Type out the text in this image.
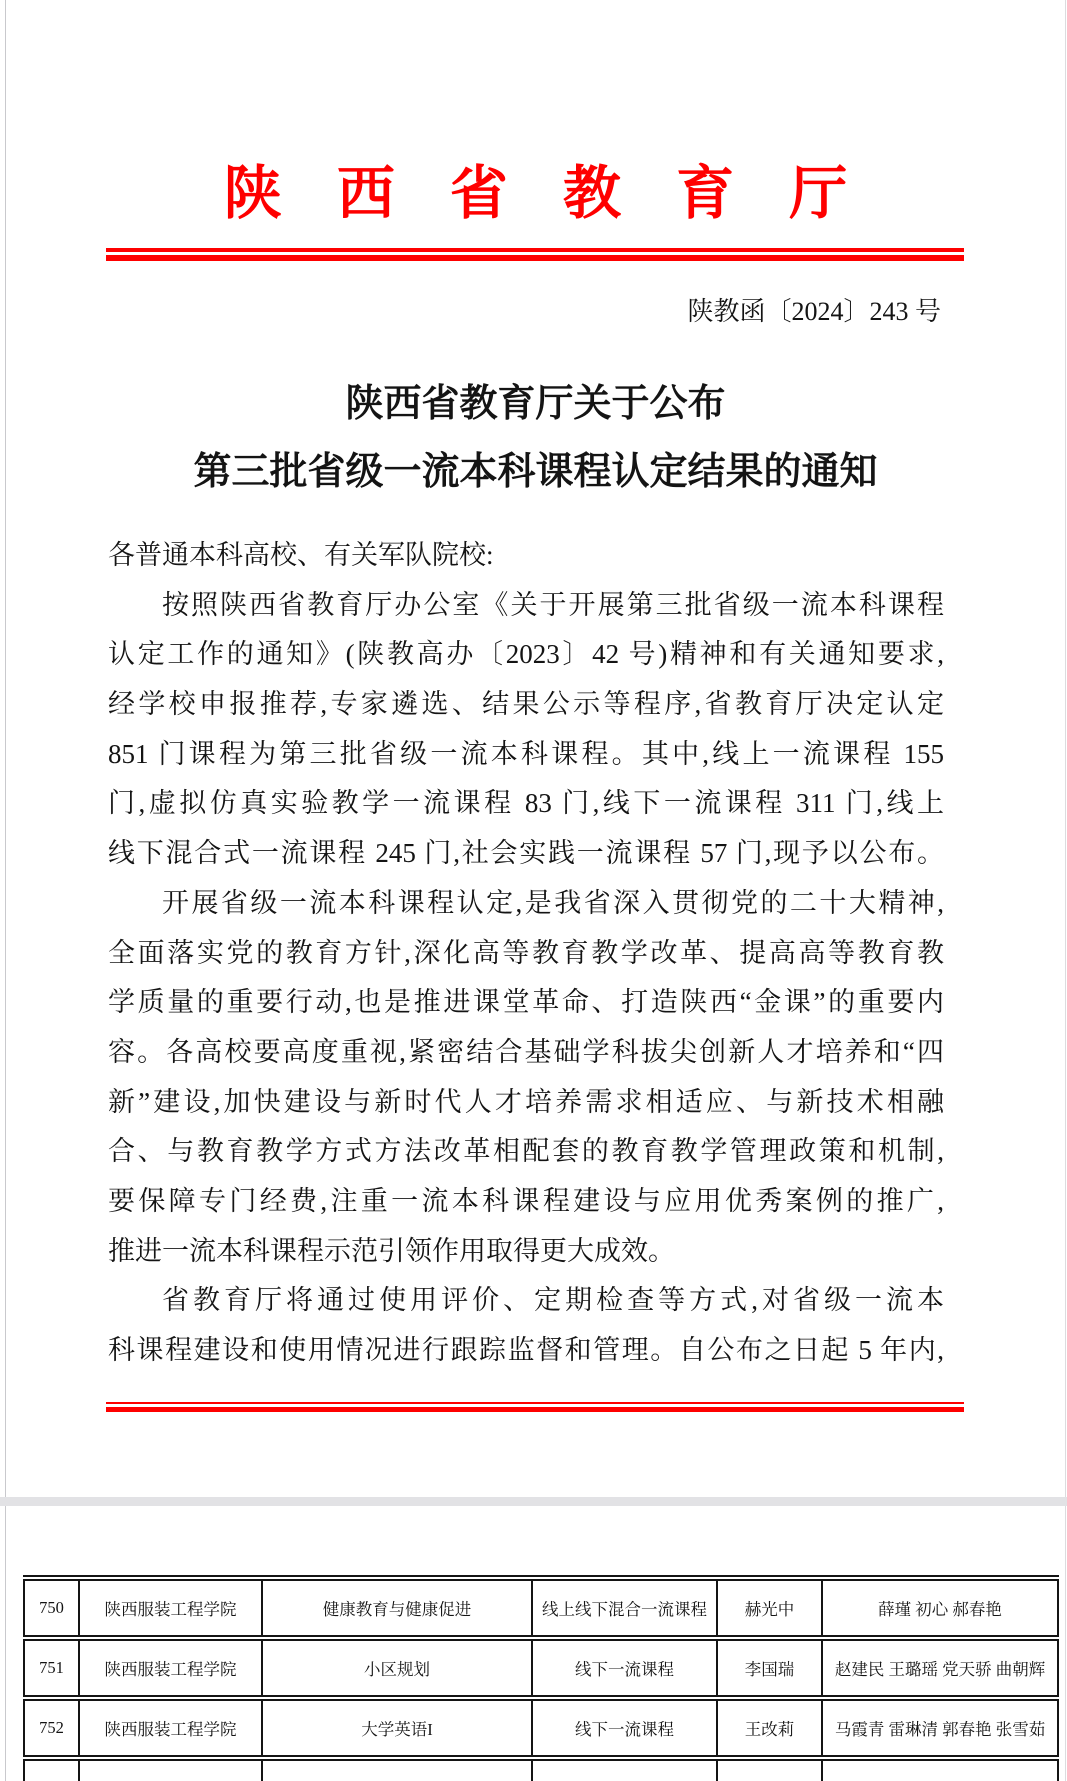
陕西省教育厅
陕教函〔2024〕243 号
陕西省教育厅关于公布
第三批省级一流本科课程认定结果的通知
各普通本科高校、有关军队院校:
按照陕西省教育厅办公室《关于开展第三批省级一流本科课程
认定工作的通知》(陕教高办〔2023〕42 号)精神和有关通知要求,
经学校申报推荐,专家遴选、结果公示等程序,省教育厅决定认定
851 门课程为第三批省级一流本科课程。其中,线上一流课程 155
门,虚拟仿真实验教学一流课程 83 门,线下一流课程 311 门,线上
线下混合式一流课程 245 门,社会实践一流课程 57 门,现予以公布。
开展省级一流本科课程认定,是我省深入贯彻党的二十大精神,
全面落实党的教育方针,深化高等教育教学改革、提高高等教育教
学质量的重要行动,也是推进课堂革命、打造陕西“金课”的重要内
容。各高校要高度重视,紧密结合基础学科拔尖创新人才培养和“四
新”建设,加快建设与新时代人才培养需求相适应、与新技术相融
合、与教育教学方式方法改革相配套的教育教学管理政策和机制,
要保障专门经费,注重一流本科课程建设与应用优秀案例的推广,
推进一流本科课程示范引领作用取得更大成效。
省教育厅将通过使用评价、定期检查等方式,对省级一流本
科课程建设和使用情况进行跟踪监督和管理。自公布之日起 5 年内,
750	陕西服装工程学院	健康教育与健康促进	线上线下混合一流课程	赫光中	薛瑾 初心 郝春艳
751	陕西服装工程学院	小区规划	线下一流课程	李国瑞	赵建民 王璐瑶 党天骄 曲朝辉
752	陕西服装工程学院	大学英语I	线下一流课程	王改莉	马霞青 雷琳清 郭春艳 张雪茹
